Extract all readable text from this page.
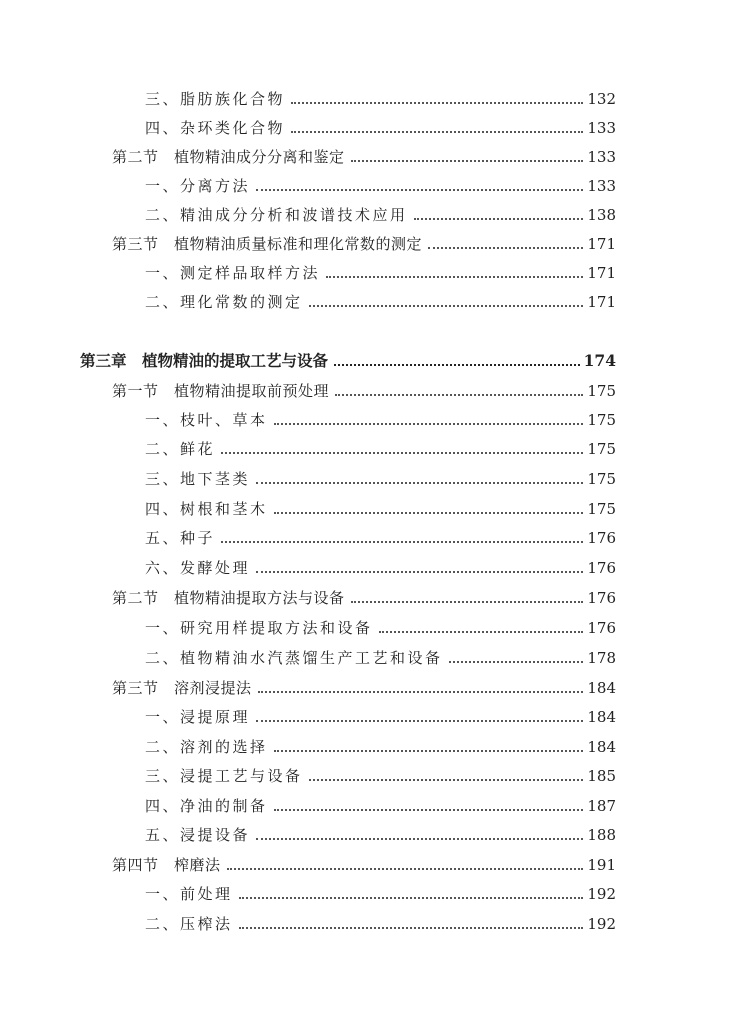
三、脂肪族化合物	132
四、杂环类化合物	133
第二节　植物精油成分分离和鉴定	133
一、分离方法	133
二、精油成分分析和波谱技术应用	138
第三节　植物精油质量标准和理化常数的测定	171
一、测定样品取样方法	171
二、理化常数的测定	171
第三章　植物精油的提取工艺与设备	174
第一节　植物精油提取前预处理	175
一、枝叶、草本	175
二、鲜花	175
三、地下茎类	175
四、树根和茎木	175
五、种子	176
六、发酵处理	176
第二节　植物精油提取方法与设备	176
一、研究用样提取方法和设备	176
二、植物精油水汽蒸馏生产工艺和设备	178
第三节　溶剂浸提法	184
一、浸提原理	184
二、溶剂的选择	184
三、浸提工艺与设备	185
四、净油的制备	187
五、浸提设备	188
第四节　榨磨法	191
一、前处理	192
二、压榨法	192
